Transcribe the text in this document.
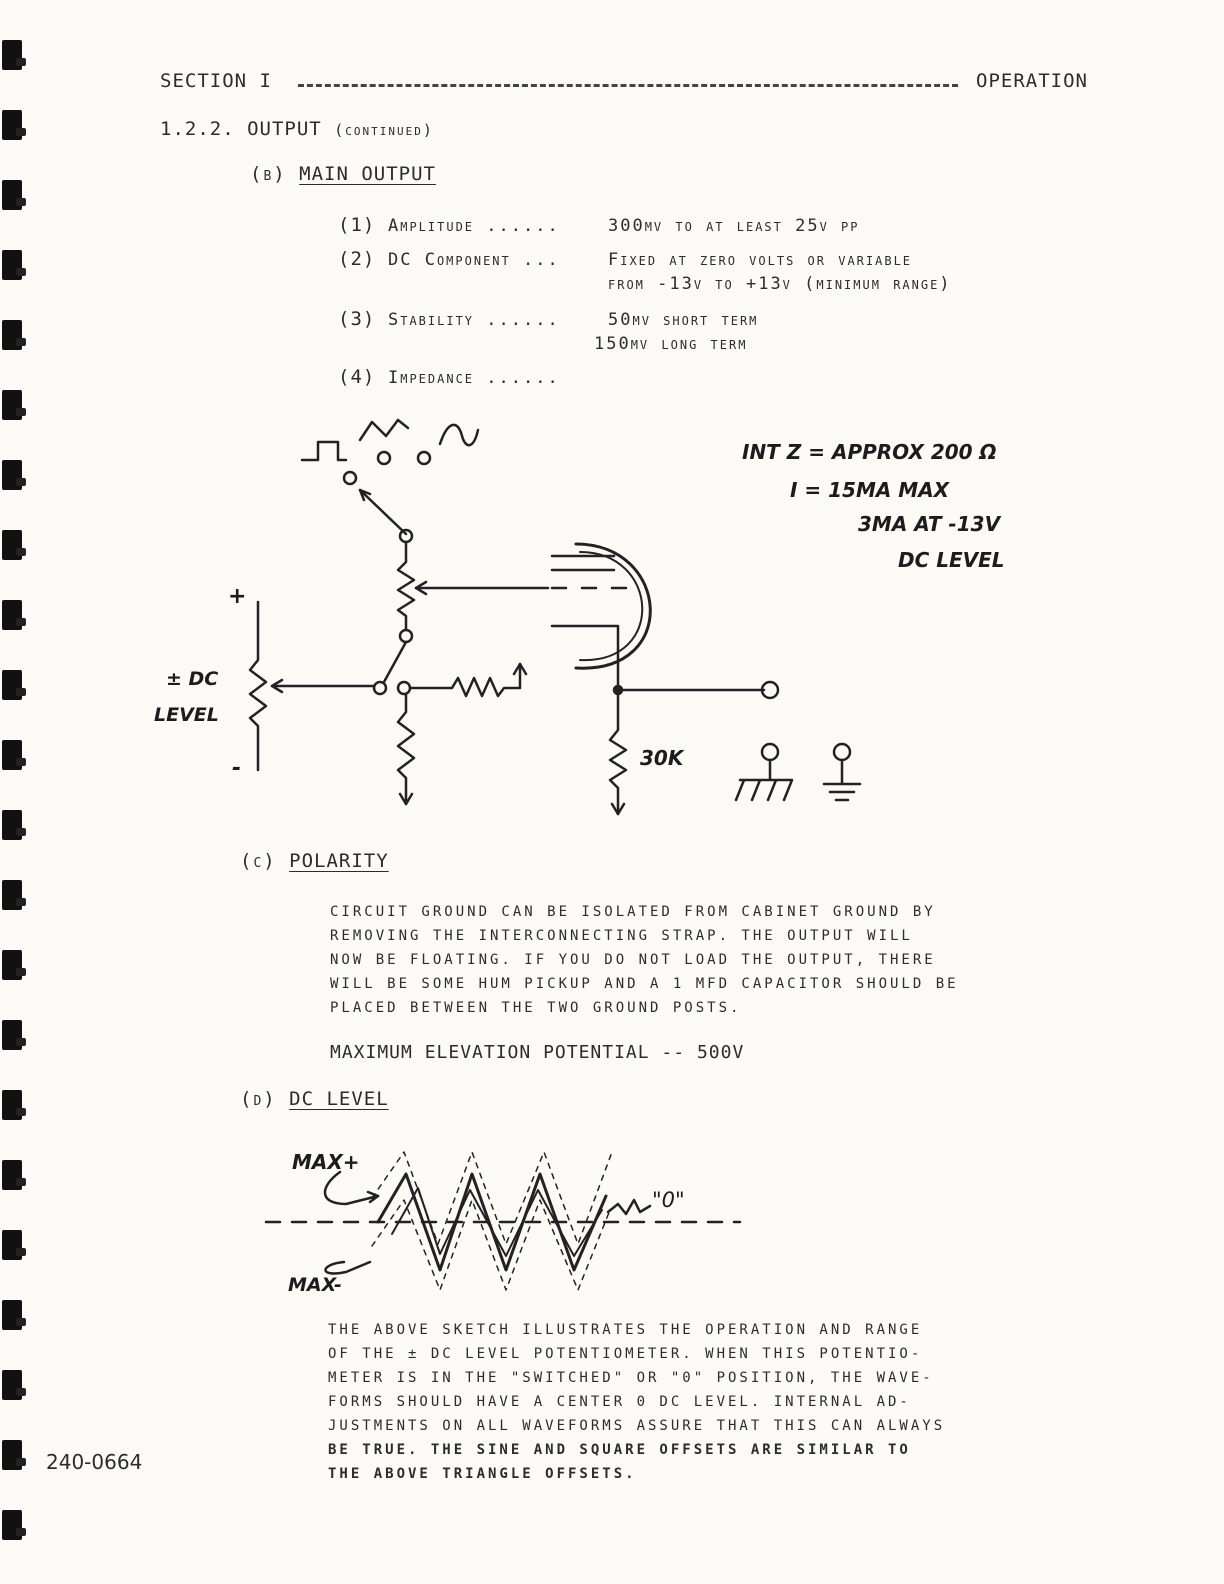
SECTION I	OPERATION
1.2.2. OUTPUT (continued)
(b) MAIN OUTPUT
(1) Amplitude ......	300mv to at least 25v pp
(2) DC Component ...	Fixed at zero volts or variable
from -13v to +13v (minimum range)
(3) Stability ......	50mv short term
150mv long term
(4) Impedance ......
INT Z = APPROX 200 Ω
I = 15MA MAX
3MA AT -13V
DC LEVEL
+
-
± DC
LEVEL
30K
(c) POLARITY
CIRCUIT GROUND CAN BE ISOLATED FROM CABINET GROUND BY
REMOVING THE INTERCONNECTING STRAP. THE OUTPUT WILL
NOW BE FLOATING. IF YOU DO NOT LOAD THE OUTPUT, THERE
WILL BE SOME HUM PICKUP AND A 1 ΜFD CAPACITOR SHOULD BE
PLACED BETWEEN THE TWO GROUND POSTS.
MAXIMUM ELEVATION POTENTIAL -- 500V
(d) DC LEVEL
MAX+
MAX-
"0"
THE ABOVE SKETCH ILLUSTRATES THE OPERATION AND RANGE
OF THE ± DC LEVEL POTENTIOMETER. WHEN THIS POTENTIO-
METER IS IN THE "SWITCHED" OR "0" POSITION, THE WAVE-
FORMS SHOULD HAVE A CENTER 0 DC LEVEL. INTERNAL AD-
JUSTMENTS ON ALL WAVEFORMS ASSURE THAT THIS CAN ALWAYS
BE TRUE. THE SINE AND SQUARE OFFSETS ARE SIMILAR TO
THE ABOVE TRIANGLE OFFSETS.
240-0664
